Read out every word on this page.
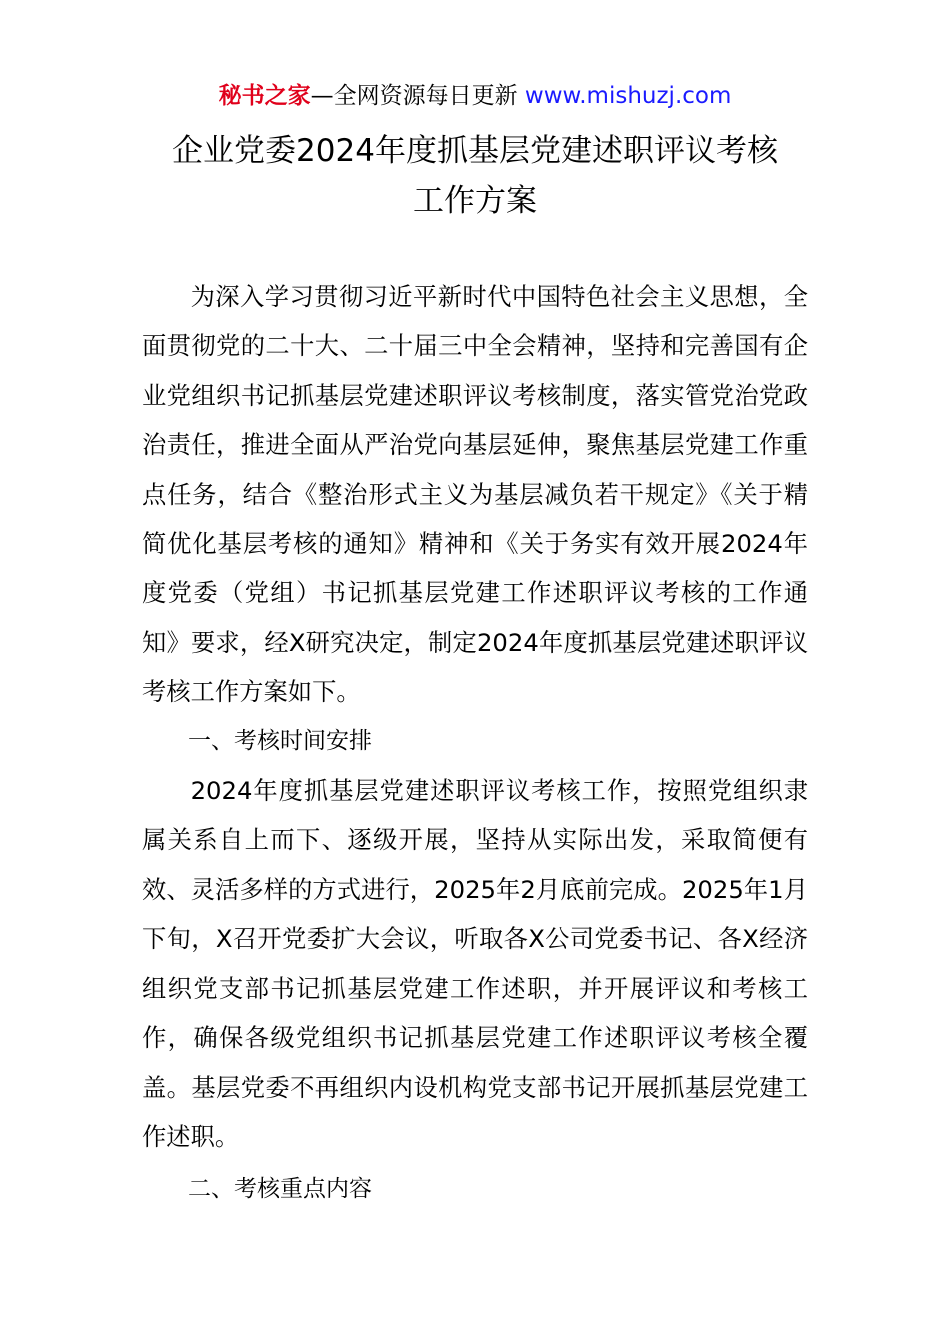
秘书之家—全网资源每日更新 www.mishuzj.com
企业党委2024年度抓基层党建述职评议考核
工作方案

为深入学习贯彻习近平新时代中国特色社会主义思想，全面贯彻党的二十大、二十届三中全会精神，坚持和完善国有企业党组织书记抓基层党建述职评议考核制度，落实管党治党政治责任，推进全面从严治党向基层延伸，聚焦基层党建工作重点任务，结合《整治形式主义为基层减负若干规定》《关于精简优化基层考核的通知》精神和《关于务实有效开展2024年度党委（党组）书记抓基层党建工作述职评议考核的工作通知》要求，经X研究决定，制定2024年度抓基层党建述职评议考核工作方案如下。

一、考核时间安排

2024年度抓基层党建述职评议考核工作，按照党组织隶属关系自上而下、逐级开展，坚持从实际出发，采取简便有效、灵活多样的方式进行，2025年2月底前完成。2025年1月下旬，X召开党委扩大会议，听取各X公司党委书记、各X经济组织党支部书记抓基层党建工作述职，并开展评议和考核工作，确保各级党组织书记抓基层党建工作述职评议考核全覆盖。基层党委不再组织内设机构党支部书记开展抓基层党建工作述职。

二、考核重点内容
